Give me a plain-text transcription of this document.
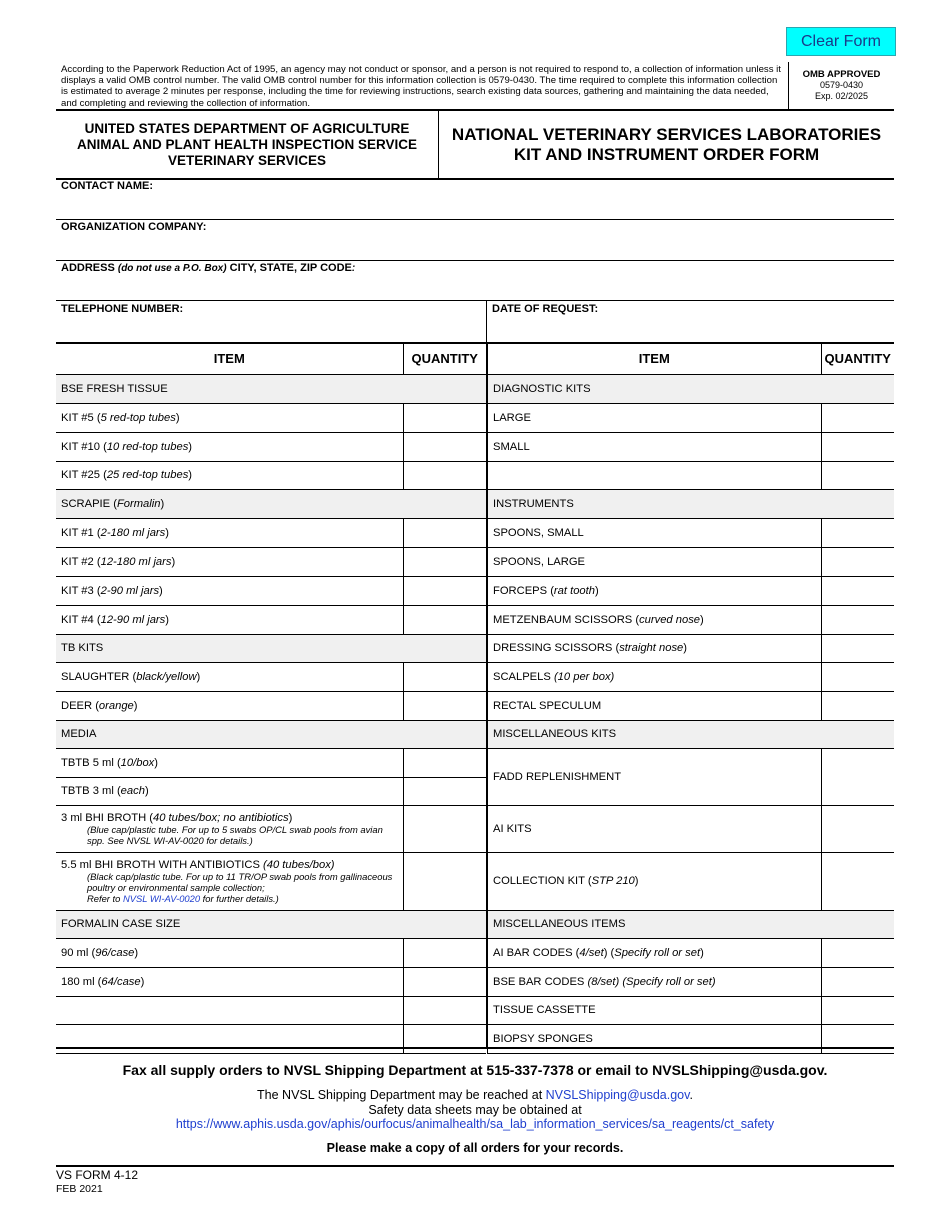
Clear Form
According to the Paperwork Reduction Act of 1995, an agency may not conduct or sponsor, and a person is not required to respond to, a collection of information unless it displays a valid OMB control number. The valid OMB control number for this information collection is 0579-0430. The time required to complete this information collection is estimated to average 2 minutes per response, including the time for reviewing instructions, search existing data sources, gathering and maintaining the data needed, and completing and reviewing the collection of information.
OMB APPROVED
0579-0430
Exp. 02/2025
UNITED STATES DEPARTMENT OF AGRICULTURE
ANIMAL AND PLANT HEALTH INSPECTION SERVICE
VETERINARY SERVICES
NATIONAL VETERINARY SERVICES LABORATORIES
KIT AND INSTRUMENT ORDER FORM
CONTACT NAME:
ORGANIZATION COMPANY:
ADDRESS (do not use a P.O. Box) CITY, STATE, ZIP CODE:
TELEPHONE NUMBER:	DATE OF REQUEST:
ITEM	QUANTITY
BSE FRESH TISSUE	
KIT #5 (5 red-top tubes)	
KIT #10 (10 red-top tubes)	
KIT #25 (25 red-top tubes)	
SCRAPIE (Formalin)	
KIT #1 (2-180 ml jars)	
KIT #2 (12-180 ml jars)	
KIT #3 (2-90 ml jars)	
KIT #4 (12-90 ml jars)	
TB KITS	
SLAUGHTER (black/yellow)	
DEER (orange)	
MEDIA	
TBTB 5 ml (10/box)	
TBTB 3 ml (each)	
3 ml BHI BROTH (40 tubes/box; no antibiotics)
(Blue cap/plastic tube. For up to 5 swabs OP/CL swab pools from avian spp. See NVSL WI-AV-0020 for details.)	

5.5 ml BHI BROTH WITH ANTIBIOTICS (40 tubes/box)
(Black cap/plastic tube. For up to 11 TR/OP swab pools from gallinaceous poultry or environmental sample collection;
Refer to NVSL WI-AV-0020 for further details.)	

FORMALIN CASE SIZE	
90 ml (96/case)	
180 ml (64/case)	

ITEM	QUANTITY
DIAGNOSTIC KITS	
LARGE	
SMALL	

INSTRUMENTS	
SPOONS, SMALL	
SPOONS, LARGE	
FORCEPS (rat tooth)	
METZENBAUM SCISSORS (curved nose)	
DRESSING SCISSORS (straight nose)	
SCALPELS (10 per box)	
RECTAL SPECULUM	
MISCELLANEOUS KITS	
FADD REPLENISHMENT	
AI KITS	
COLLECTION KIT (STP 210)	
MISCELLANEOUS ITEMS	
AI BAR CODES (4/set) (Specify roll or set)	
BSE BAR CODES (8/set) (Specify roll or set)	
TISSUE CASSETTE	
BIOPSY SPONGES	
Fax all supply orders to NVSL Shipping Department at 515-337-7378 or email to NVSLShipping@usda.gov.
The NVSL Shipping Department may be reached at NVSLShipping@usda.gov.
Safety data sheets may be obtained at
https://www.aphis.usda.gov/aphis/ourfocus/animalhealth/sa_lab_information_services/sa_reagents/ct_safety
Please make a copy of all orders for your records.
VS FORM 4-12
FEB 2021
